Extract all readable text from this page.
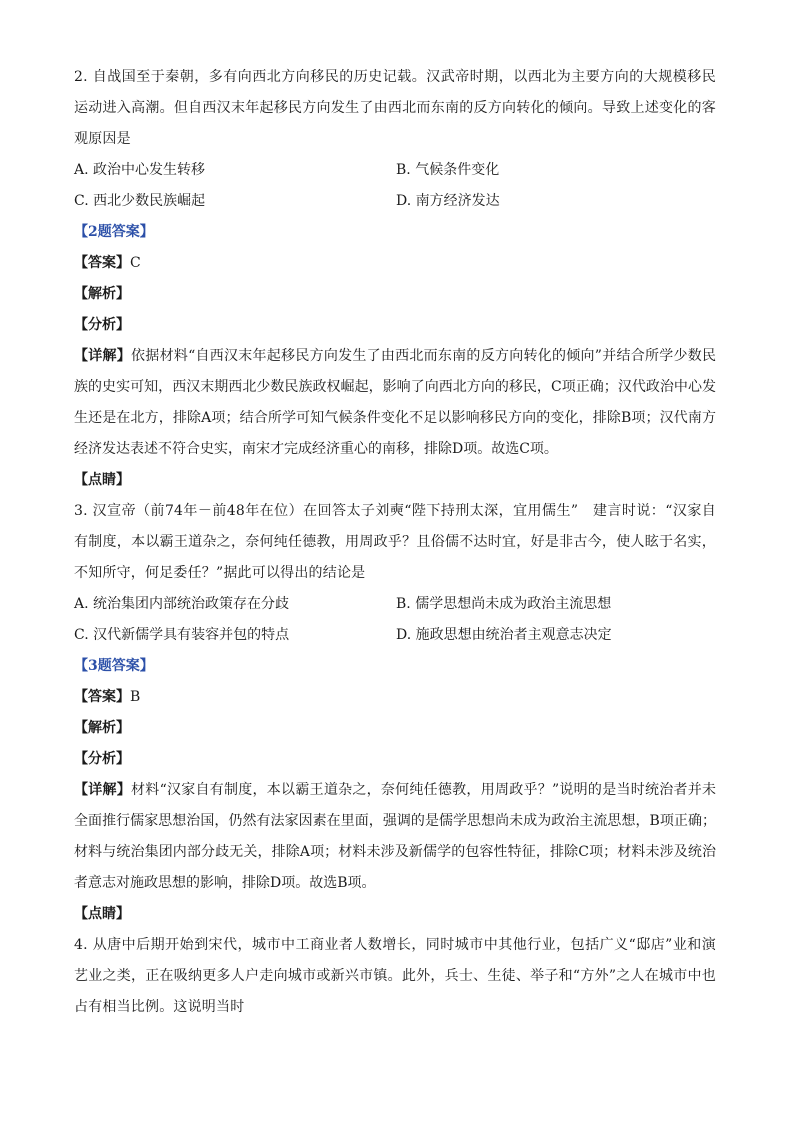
2. 自战国至于秦朝，多有向西北方向移民的历史记载。汉武帝时期，以西北为主要方向的大规模移民运动进入高潮。但自西汉末年起移民方向发生了由西北而东南的反方向转化的倾向。导致上述变化的客观原因是

A. 政治中心发生转移	B. 气候条件变化
C. 西北少数民族崛起	D. 南方经济发达

【2题答案】

【答案】C

【解析】

【分析】

【详解】依据材料“自西汉末年起移民方向发生了由西北而东南的反方向转化的倾向”并结合所学少数民族的史实可知，西汉末期西北少数民族政权崛起，影响了向西北方向的移民，C项正确；汉代政治中心发生还是在北方，排除A项；结合所学可知气候条件变化不足以影响移民方向的变化，排除B项；汉代南方经济发达表述不符合史实，南宋才完成经济重心的南移，排除D项。故选C项。

【点睛】

3. 汉宣帝（前74年－前48年在位）在回答太子刘奭“陛下持刑太深，宜用儒生”　建言时说：“汉家自有制度，本以霸王道杂之，奈何纯任德教，用周政乎？且俗儒不达时宜，好是非古今，使人眩于名实，不知所守，何足委任？”据此可以得出的结论是

A. 统治集团内部统治政策存在分歧	B. 儒学思想尚未成为政治主流思想
C. 汉代新儒学具有装容并包的特点	D. 施政思想由统治者主观意志决定

【3题答案】

【答案】B

【解析】

【分析】

【详解】材料“汉家自有制度，本以霸王道杂之，奈何纯任德教，用周政乎？”说明的是当时统治者并未全面推行儒家思想治国，仍然有法家因素在里面，强调的是儒学思想尚未成为政治主流思想，B项正确；材料与统治集团内部分歧无关，排除A项；材料未涉及新儒学的包容性特征，排除C项；材料未涉及统治者意志对施政思想的影响，排除D项。故选B项。

【点睛】

4. 从唐中后期开始到宋代，城市中工商业者人数增长，同时城市中其他行业，包括广义“邸店”业和演艺业之类，正在吸纳更多人户走向城市或新兴市镇。此外，兵士、生徒、举子和“方外”之人在城市中也占有相当比例。这说明当时
